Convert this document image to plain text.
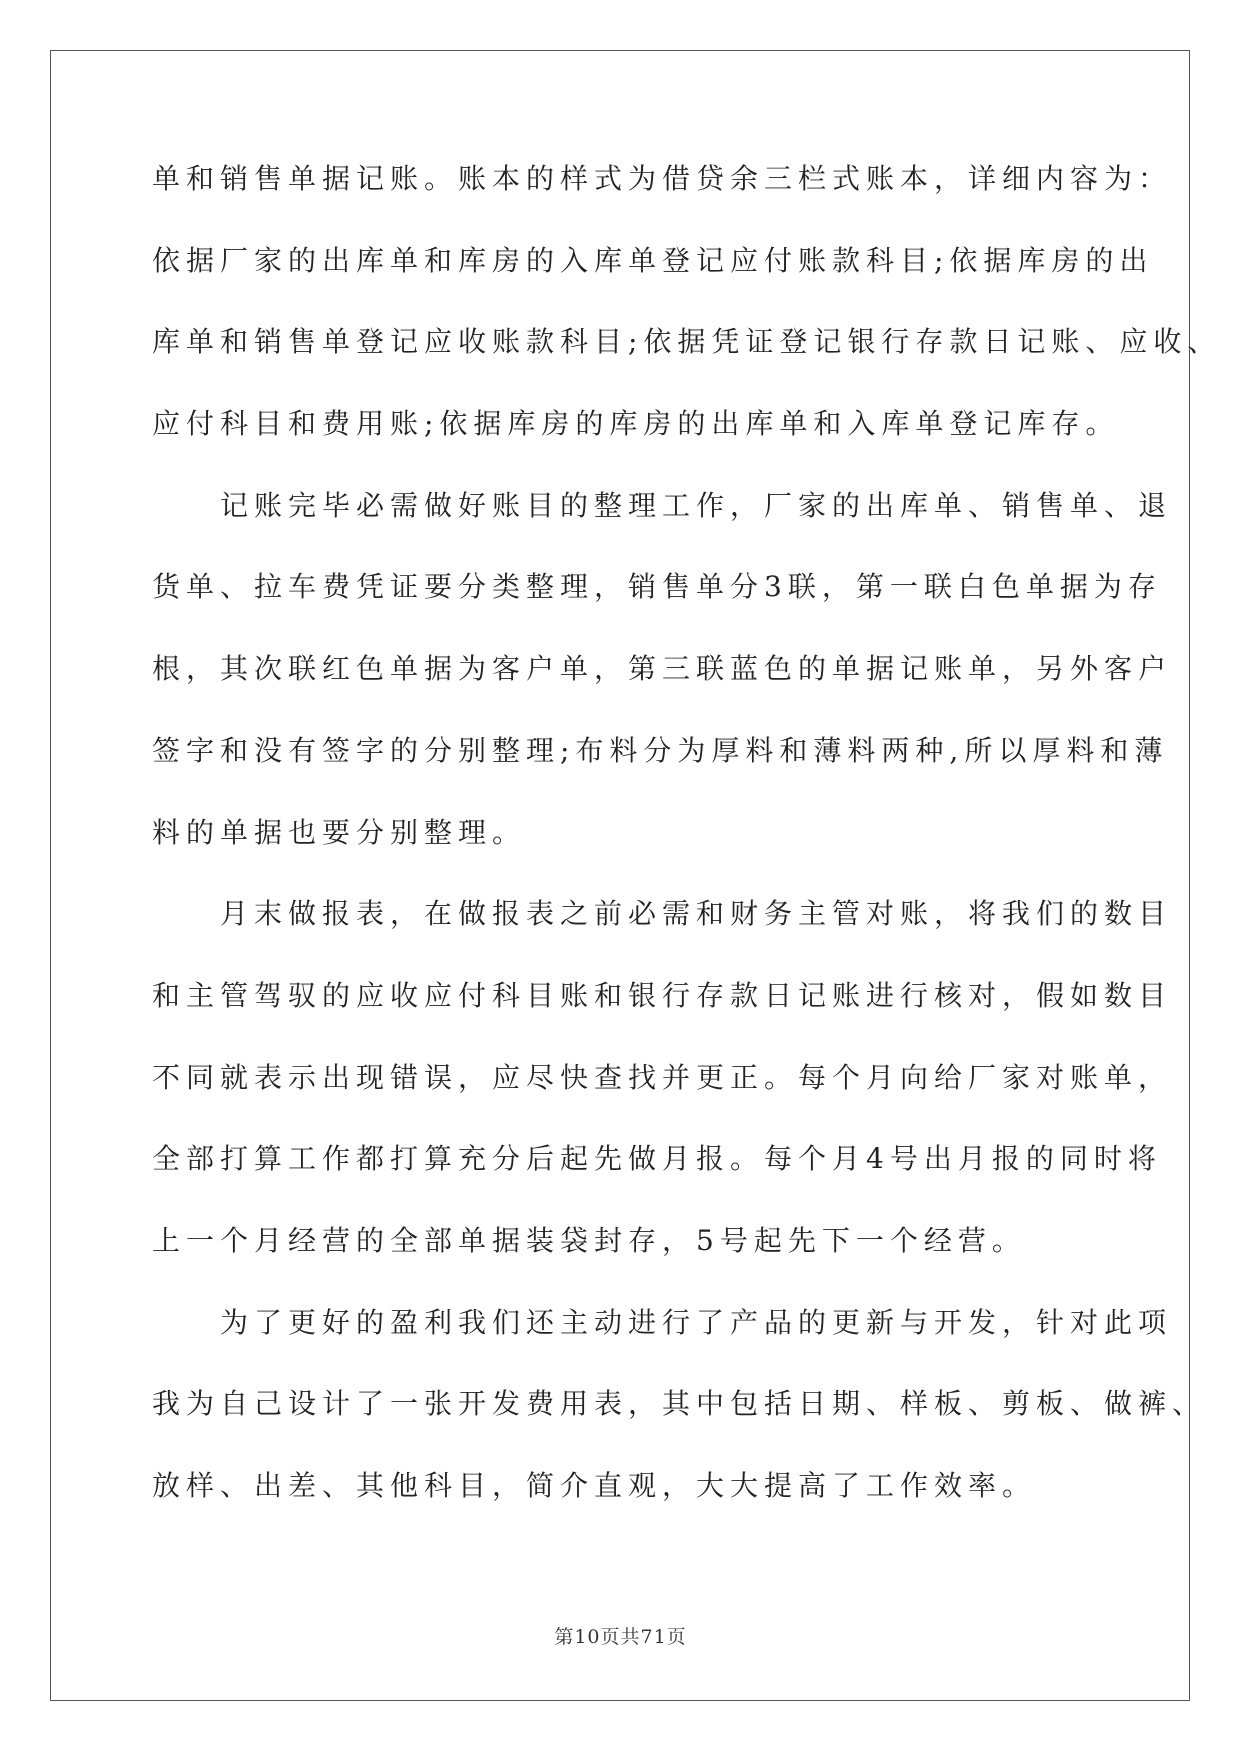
单和销售单据记账。账本的样式为借贷余三栏式账本，详细内容为：
依据厂家的出库单和库房的入库单登记应付账款科目;依据库房的出
库单和销售单登记应收账款科目;依据凭证登记银行存款日记账、应收、
应付科目和费用账;依据库房的库房的出库单和入库单登记库存。
　　记账完毕必需做好账目的整理工作，厂家的出库单、销售单、退
货单、拉车费凭证要分类整理，销售单分3联，第一联白色单据为存
根，其次联红色单据为客户单，第三联蓝色的单据记账单，另外客户
签字和没有签字的分别整理;布料分为厚料和薄料两种,所以厚料和薄
料的单据也要分别整理。
　　月末做报表，在做报表之前必需和财务主管对账，将我们的数目
和主管驾驭的应收应付科目账和银行存款日记账进行核对，假如数目
不同就表示出现错误，应尽快查找并更正。每个月向给厂家对账单，
全部打算工作都打算充分后起先做月报。每个月4号出月报的同时将
上一个月经营的全部单据装袋封存，5号起先下一个经营。
　　为了更好的盈利我们还主动进行了产品的更新与开发，针对此项
我为自己设计了一张开发费用表，其中包括日期、样板、剪板、做裤、
放样、出差、其他科目，简介直观，大大提高了工作效率。
第10页共71页
